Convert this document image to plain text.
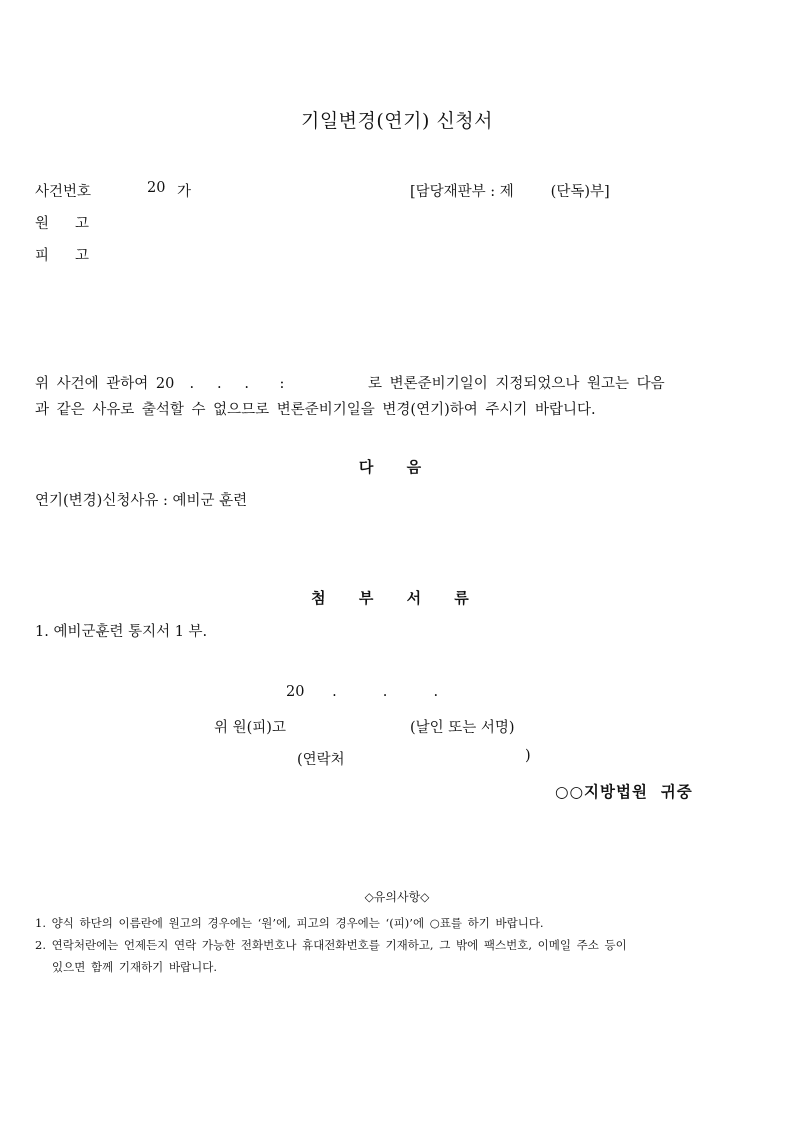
기일변경(연기) 신청서
사건번호	20 가	[담당재판부 : 제        (단독)부]
원고
피고
위 사건에 관하여 20  .   .   .    :           로 변론준비기일이 지정되었으나 원고는 다음
과 같은 사유로 출석할 수 없으므로 변론준비기일을 변경(연기)하여 주시기 바랍니다.
다 음
연기(변경)신청사유 : 예비군 훈련
첨 부 서 류
1. 예비군훈련 통지서 1 부.
20      .          .          .
위 원(피)고	(날인 또는 서명)
(연락처	)
○○지방법원  귀중
◇유의사항◇
1. 양식 하단의 이름란에 원고의 경우에는 ‘원’에, 피고의 경우에는 ‘(피)’에 ○표를 하기 바랍니다.
2. 연락처란에는 언제든지 연락 가능한 전화번호나 휴대전화번호를 기재하고, 그 밖에 팩스번호, 이메일 주소 등이
있으면 함께 기재하기 바랍니다.
